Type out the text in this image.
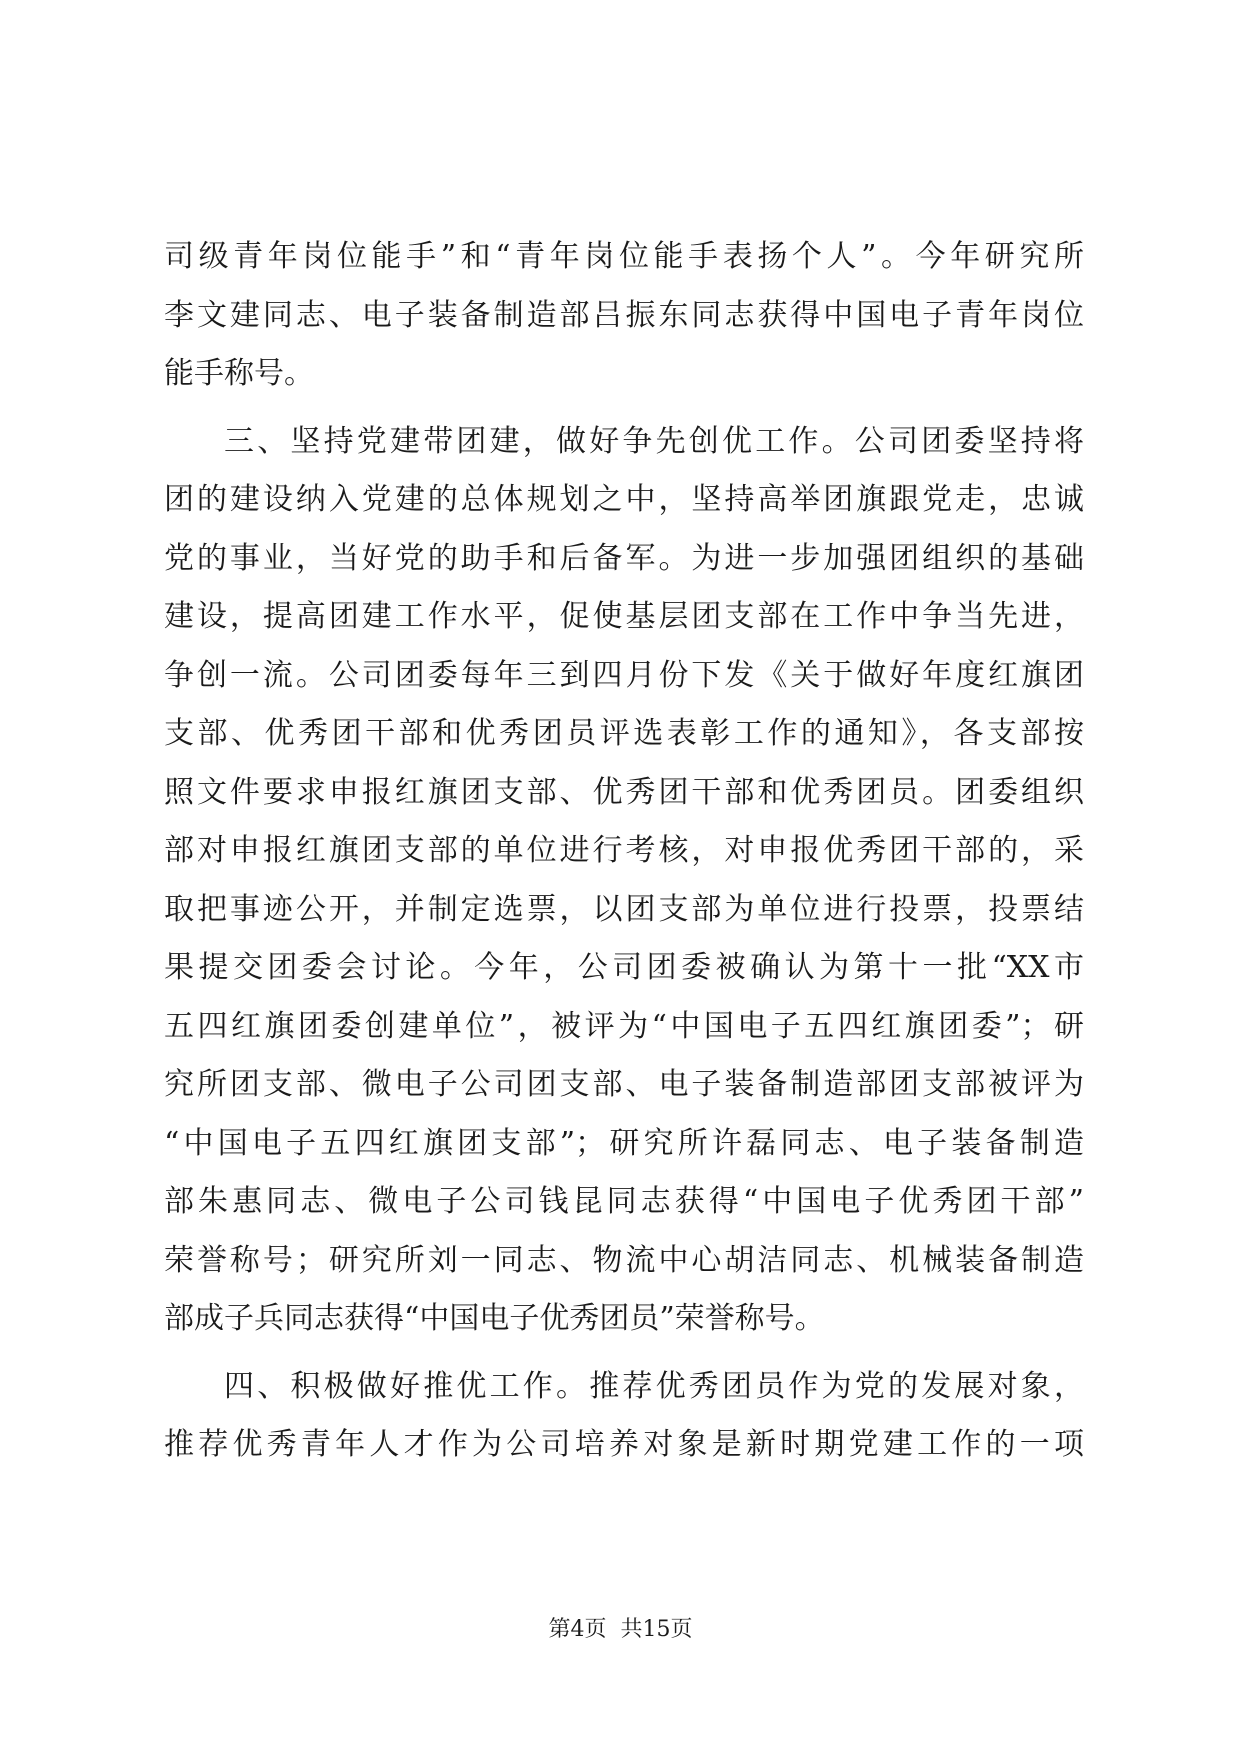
司级青年岗位能手”和“青年岗位能手表扬个人”。今年研究所
李文建同志、电子装备制造部吕振东同志获得中国电子青年岗位
能手称号。
三、坚持党建带团建，做好争先创优工作。公司团委坚持将
团的建设纳入党建的总体规划之中，坚持高举团旗跟党走，忠诚
党的事业，当好党的助手和后备军。为进一步加强团组织的基础
建设，提高团建工作水平，促使基层团支部在工作中争当先进，
争创一流。公司团委每年三到四月份下发《关于做好年度红旗团
支部、优秀团干部和优秀团员评选表彰工作的通知》，各支部按
照文件要求申报红旗团支部、优秀团干部和优秀团员。团委组织
部对申报红旗团支部的单位进行考核，对申报优秀团干部的，采
取把事迹公开，并制定选票，以团支部为单位进行投票，投票结
果提交团委会讨论。今年，公司团委被确认为第十一批“XX市
五四红旗团委创建单位”，被评为“中国电子五四红旗团委”；研
究所团支部、微电子公司团支部、电子装备制造部团支部被评为
“中国电子五四红旗团支部”；研究所许磊同志、电子装备制造
部朱惠同志、微电子公司钱昆同志获得“中国电子优秀团干部”
荣誉称号；研究所刘一同志、物流中心胡洁同志、机械装备制造
部成子兵同志获得“中国电子优秀团员”荣誉称号。
四、积极做好推优工作。推荐优秀团员作为党的发展对象，
推荐优秀青年人才作为公司培养对象是新时期党建工作的一项
第4页  共15页
